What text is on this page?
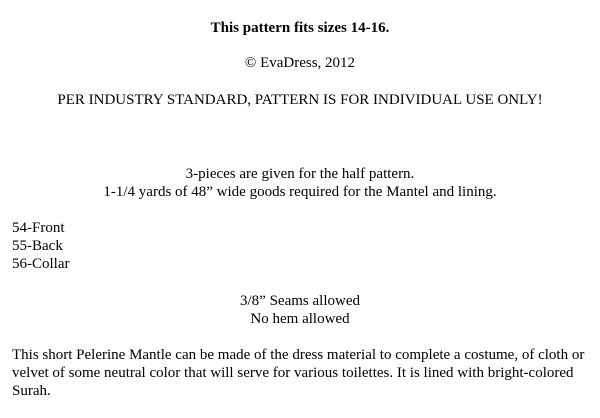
This pattern fits sizes 14-16.
© EvaDress, 2012
PER INDUSTRY STANDARD, PATTERN IS FOR INDIVIDUAL USE ONLY!
3-pieces are given for the half pattern.
1-1/4 yards of 48” wide goods required for the Mantel and lining.
54-Front
55-Back
56-Collar
3/8” Seams allowed
No hem allowed
This short Pelerine Mantle can be made of the dress material to complete a costume, of cloth or velvet of some neutral color that will serve for various toilettes. It is lined with bright-colored Surah.
